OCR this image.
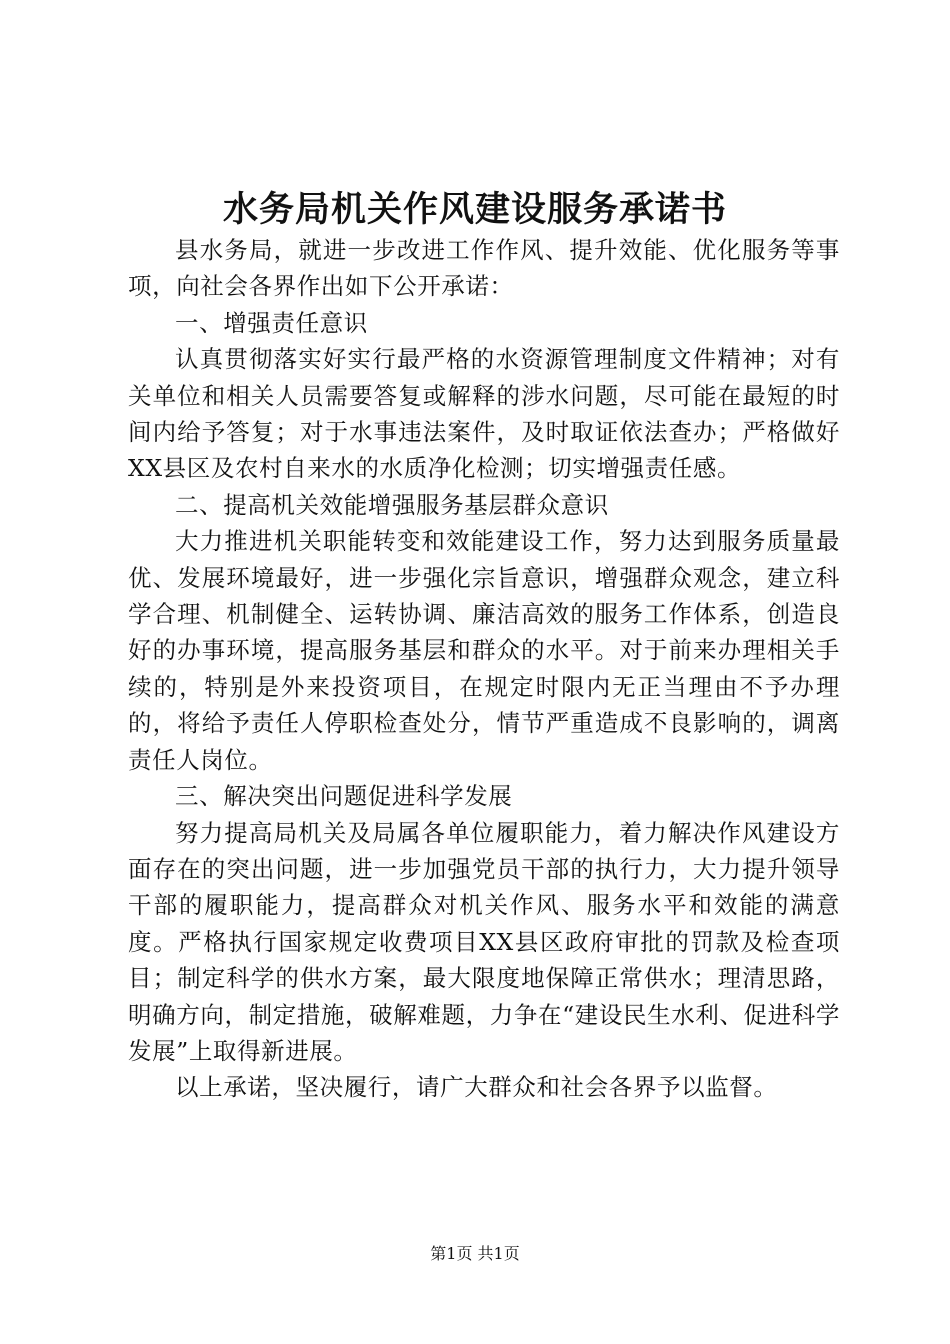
水务局机关作风建设服务承诺书

县水务局，就进一步改进工作作风、提升效能、优化服务等事项，向社会各界作出如下公开承诺：

一、增强责任意识

认真贯彻落实好实行最严格的水资源管理制度文件精神；对有关单位和相关人员需要答复或解释的涉水问题，尽可能在最短的时间内给予答复；对于水事违法案件，及时取证依法查办；严格做好XX县区及农村自来水的水质净化检测；切实增强责任感。

二、提高机关效能增强服务基层群众意识

大力推进机关职能转变和效能建设工作，努力达到服务质量最优、发展环境最好，进一步强化宗旨意识，增强群众观念，建立科学合理、机制健全、运转协调、廉洁高效的服务工作体系，创造良好的办事环境，提高服务基层和群众的水平。对于前来办理相关手续的，特别是外来投资项目，在规定时限内无正当理由不予办理的，将给予责任人停职检查处分，情节严重造成不良影响的，调离责任人岗位。

三、解决突出问题促进科学发展

努力提高局机关及局属各单位履职能力，着力解决作风建设方面存在的突出问题，进一步加强党员干部的执行力，大力提升领导干部的履职能力，提高群众对机关作风、服务水平和效能的满意度。严格执行国家规定收费项目XX县区政府审批的罚款及检查项目；制定科学的供水方案，最大限度地保障正常供水；理清思路，明确方向，制定措施，破解难题，力争在“建设民生水利、促进科学发展”上取得新进展。

以上承诺，坚决履行，请广大群众和社会各界予以监督。

第1页 共1页
